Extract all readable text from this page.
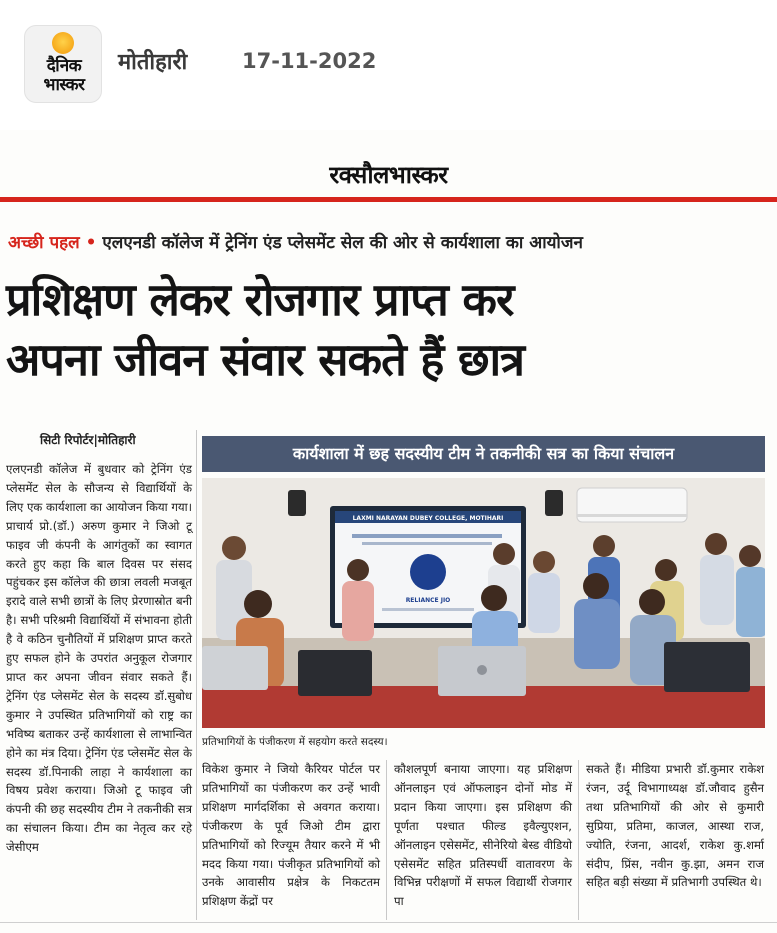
दैनिक
भास्कर
मोतीहारी	17-11-2022
रक्सौलभास्कर
अच्छी पहल • एलएनडी कॉलेज में ट्रेनिंग एंड प्लेसमेंट सेल की ओर से कार्यशाला का आयोजन
प्रशिक्षण लेकर रोजगार प्राप्त कर
अपना जीवन संवार सकते हैं छात्र
सिटी रिपोर्टर|मोतिहारी
एलएनडी कॉलेज में बुधवार को ट्रेनिंग एंड प्लेसमेंट सेल के सौजन्य से विद्यार्थियों के लिए एक कार्यशाला का आयोजन किया गया। प्राचार्य प्रो.(डॉ.) अरुण कुमार ने जिओ टू फाइव जी कंपनी के आगंतुकों का स्वागत करते हुए कहा कि बाल दिवस पर संसद पहुंचकर इस कॉलेज की छात्रा लवली मजबूत इरादे वाले सभी छात्रों के लिए प्रेरणास्रोत बनी है। सभी परिश्रमी विद्यार्थियों में संभावना होती है वे कठिन चुनौतियों में प्रशिक्षण प्राप्त करते हुए सफल होने के उपरांत अनुकूल रोजगार प्राप्त कर अपना जीवन संवार सकते हैं। ट्रेनिंग एंड प्लेसमेंट सेल के सदस्य डॉ.सुबोध कुमार ने उपस्थित प्रतिभागियों को राष्ट्र का भविष्य बताकर उन्हें कार्यशाला से लाभान्वित होने का मंत्र दिया। ट्रेनिंग एंड प्लेसमेंट सेल के सदस्य डॉ.पिनाकी लाहा ने कार्यशाला का विषय प्रवेश कराया। जिओ टू फाइव जी कंपनी की छह सदस्यीय टीम ने तकनीकी सत्र का संचालन किया। टीम का नेतृत्व कर रहे जेसीएम
कार्यशाला में छह सदस्यीय टीम ने तकनीकी सत्र का किया संचालन
LAXMI NARAYAN DUBEY COLLEGE, MOTIHARI
RELIANCE JIO
प्रतिभागियों के पंजीकरण में सहयोग करते सदस्य।
विकेश कुमार ने जियो कैरियर पोर्टल पर प्रतिभागियों का पंजीकरण कर उन्हें भावी प्रशिक्षण मार्गदर्शिका से अवगत कराया। पंजीकरण के पूर्व जिओ टीम द्वारा प्रतिभागियों को रिज्यूम तैयार करने में भी मदद किया गया। पंजीकृत प्रतिभागियों को उनके आवासीय प्रक्षेत्र के निकटतम प्रशिक्षण केंद्रों पर
कौशलपूर्ण बनाया जाएगा। यह प्रशिक्षण ऑनलाइन एवं ऑफलाइन दोनों मोड में प्रदान किया जाएगा। इस प्रशिक्षण की पूर्णता पश्चात फील्ड इवैल्युएशन, ऑनलाइन एसेसमेंट, सीनेरियो बेस्ड वीडियो एसेसमेंट सहित प्रतिस्पर्धी वातावरण के विभिन्न परीक्षणों में सफल विद्यार्थी रोजगार पा
सकते हैं। मीडिया प्रभारी डॉ.कुमार राकेश रंजन, उर्दू विभागाध्यक्ष डॉ.जौवाद हुसैन तथा प्रतिभागियों की ओर से कुमारी सुप्रिया, प्रतिमा, काजल, आस्था राज, ज्योति, रंजना, आदर्श, राकेश कु.शर्मा संदीप, प्रिंस, नवीन कु.झा, अमन राज सहित बड़ी संख्या में प्रतिभागी उपस्थित थे।
